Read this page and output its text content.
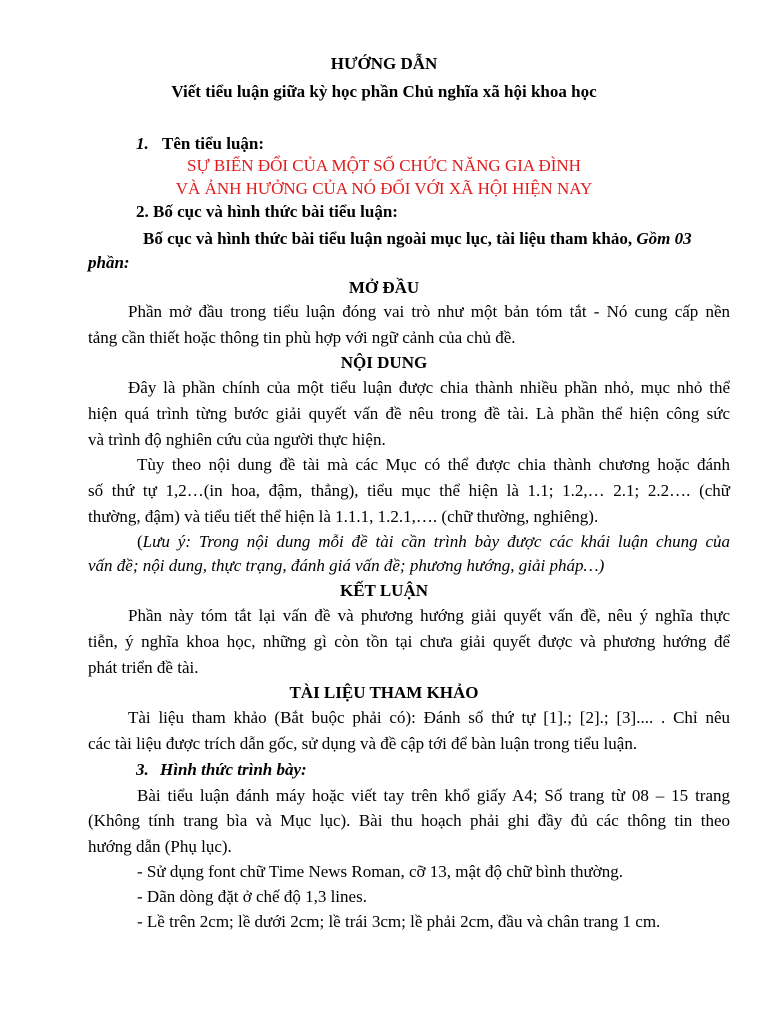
HƯỚNG DẪN
Viết tiểu luận giữa kỳ học phần Chủ nghĩa xã hội khoa học
1. Tên tiểu luận:
SỰ BIẾN ĐỔI CỦA MỘT SỐ CHỨC NĂNG GIA ĐÌNH
VÀ ẢNH HƯỞNG CỦA NÓ ĐỐI VỚI XÃ HỘI HIỆN NAY
2. Bố cục và hình thức bài tiểu luận:
Bố cục và hình thức bài tiểu luận ngoài mục lục, tài liệu tham khảo, Gồm 03
phần:
MỞ ĐẦU
Phần mở đầu trong tiểu luận đóng vai trò như một bản tóm tắt - Nó cung cấp nền
tảng cần thiết hoặc thông tin phù hợp với ngữ cảnh của chủ đề.
NỘI DUNG
Đây là phần chính của một tiểu luận được chia thành nhiều phần nhỏ, mục nhỏ thể
hiện quá trình từng bước giải quyết vấn đề nêu trong đề tài. Là phần thể hiện công sức
và trình độ nghiên cứu của người thực hiện.
Tùy theo nội dung đề tài mà các Mục có thể được chia thành chương hoặc đánh
số thứ tự 1,2…(in hoa, đậm, thẳng), tiểu mục thể hiện là 1.1; 1.2,… 2.1; 2.2…. (chữ
thường, đậm) và tiểu tiết thể hiện là 1.1.1, 1.2.1,…. (chữ thường, nghiêng).
(Lưu ý: Trong nội dung mỗi đề tài cần trình bày được các khái luận chung của
vấn đề; nội dung, thực trạng, đánh giá vấn đề; phương hướng, giải pháp…)
KẾT LUẬN
Phần này tóm tắt lại vấn đề và phương hướng giải quyết vấn đề, nêu ý nghĩa thực
tiễn, ý nghĩa khoa học, những gì còn tồn tại chưa giải quyết được và phương hướng để
phát triển đề tài.
TÀI LIỆU THAM KHẢO
Tài liệu tham khảo (Bắt buộc phải có): Đánh số thứ tự [1].; [2].; [3].... . Chỉ nêu
các tài liệu được trích dẫn gốc, sử dụng và đề cập tới để bàn luận trong tiểu luận.
3. Hình thức trình bày:
Bài tiểu luận đánh máy hoặc viết tay trên khổ giấy A4; Số trang từ 08 – 15 trang
(Không tính trang bìa và Mục lục). Bài thu hoạch phải ghi đầy đủ các thông tin theo
hướng dẫn (Phụ lục).
- Sử dụng font chữ Time News Roman, cỡ 13, mật độ chữ bình thường.
- Dãn dòng đặt ở chế độ 1,3 lines.
- Lề trên 2cm; lề dưới 2cm; lề trái 3cm; lề phải 2cm, đầu và chân trang 1 cm.
